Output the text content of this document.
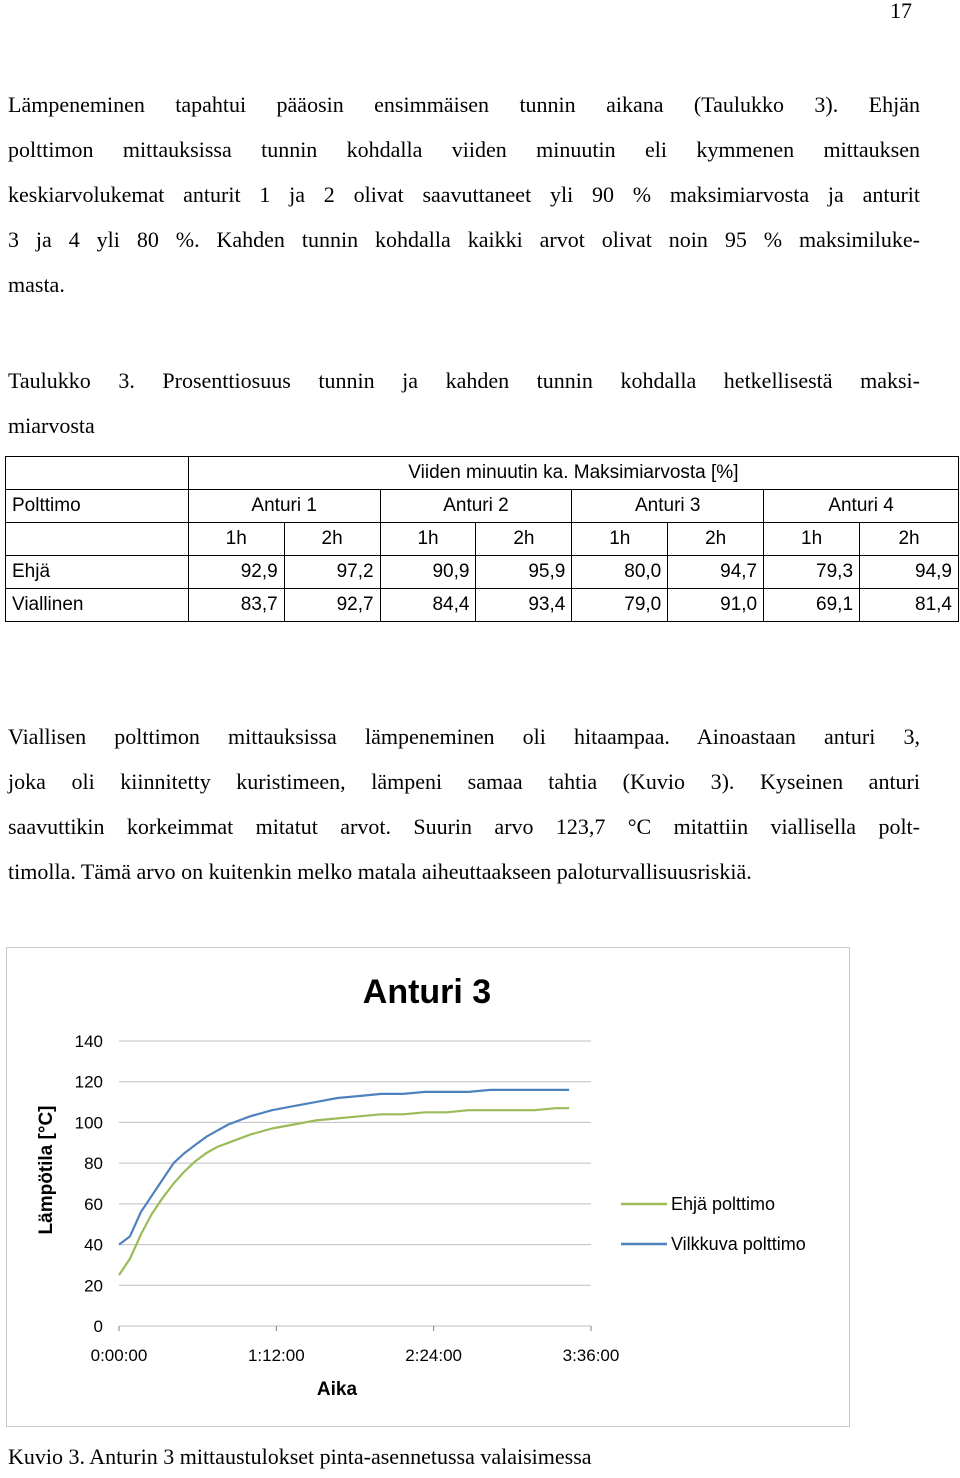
17
Lämpeneminen tapahtui pääosin ensimmäisen tunnin aikana (Taulukko 3). Ehjän
polttimon mittauksissa tunnin kohdalla viiden minuutin eli kymmenen mittauksen
keskiarvolukemat anturit 1 ja 2 olivat saavuttaneet yli 90 % maksimiarvosta ja anturit
3 ja 4 yli 80 %. Kahden tunnin kohdalla kaikki arvot olivat noin 95 % maksimiluke-
masta.
Taulukko 3. Prosenttiosuus tunnin ja kahden tunnin kohdalla hetkellisestä maksi-
miarvosta
	Viiden minuutin ka. Maksimiarvosta [%]							
Polttimo	Anturi 1		Anturi 2		Anturi 3		Anturi 4	
	1h	2h	1h	2h	1h	2h	1h	2h
Ehjä	92,9	97,2	90,9	95,9	80,0	94,7	79,3	94,9
Viallinen	83,7	92,7	84,4	93,4	79,0	91,0	69,1	81,4
Viallisen polttimon mittauksissa lämpeneminen oli hitaampaa. Ainoastaan anturi 3,
joka oli kiinnitetty kuristimeen, lämpeni samaa tahtia (Kuvio 3). Kyseinen anturi
saavuttikin korkeimmat mitatut arvot. Suurin arvo 123,7 °C mitattiin viallisella polt-
timolla. Tämä arvo on kuitenkin melko matala aiheuttaakseen paloturvallisuusriskiä.
Anturi 3
0
20
40
60
80
100
120
140
0:00:00	1:12:00	2:24:00	3:36:00
Lämpötila [°C]
Aika
Ehjä polttimo
Vilkkuva polttimo
Kuvio 3. Anturin 3 mittaustulokset pinta-asennetussa valaisimessa
